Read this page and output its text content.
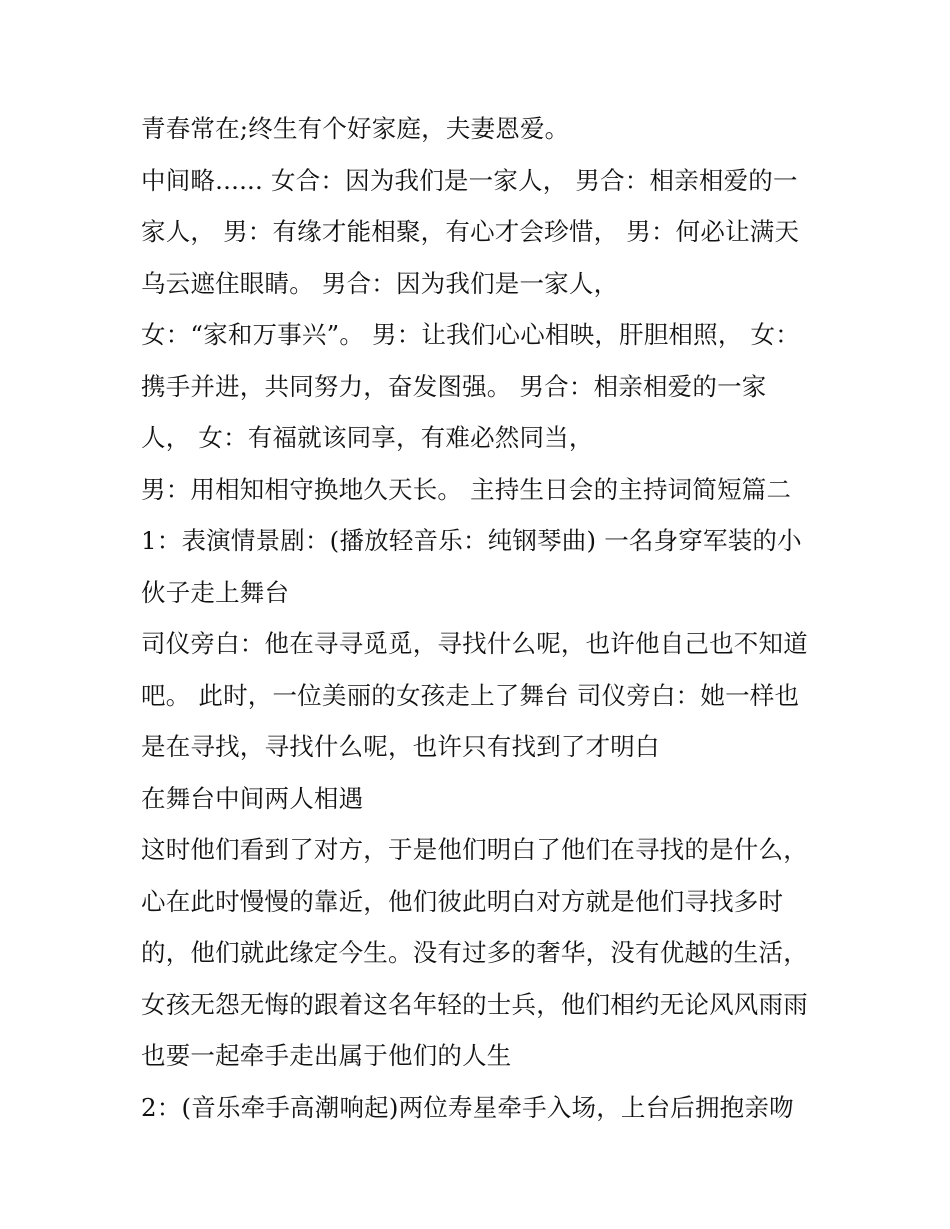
青春常在;终生有个好家庭，夫妻恩爱。
中间略...... 女合：因为我们是一家人， 男合：相亲相爱的一
家人， 男：有缘才能相聚，有心才会珍惜， 男：何必让满天
乌云遮住眼睛。 男合：因为我们是一家人，
女：“家和万事兴”。 男：让我们心心相映，肝胆相照， 女：
携手并进，共同努力，奋发图强。 男合：相亲相爱的一家
人， 女：有福就该同享，有难必然同当，
男：用相知相守换地久天长。 主持生日会的主持词简短篇二
1：表演情景剧：(播放轻音乐：纯钢琴曲) 一名身穿军装的小
伙子走上舞台
司仪旁白：他在寻寻觅觅，寻找什么呢，也许他自己也不知道
吧。 此时，一位美丽的女孩走上了舞台 司仪旁白：她一样也
是在寻找，寻找什么呢，也许只有找到了才明白
在舞台中间两人相遇
这时他们看到了对方，于是他们明白了他们在寻找的是什么，
心在此时慢慢的靠近，他们彼此明白对方就是他们寻找多时
的，他们就此缘定今生。没有过多的奢华，没有优越的生活，
女孩无怨无悔的跟着这名年轻的士兵，他们相约无论风风雨雨
也要一起牵手走出属于他们的人生
2：(音乐牵手高潮响起)两位寿星牵手入场，上台后拥抱亲吻
